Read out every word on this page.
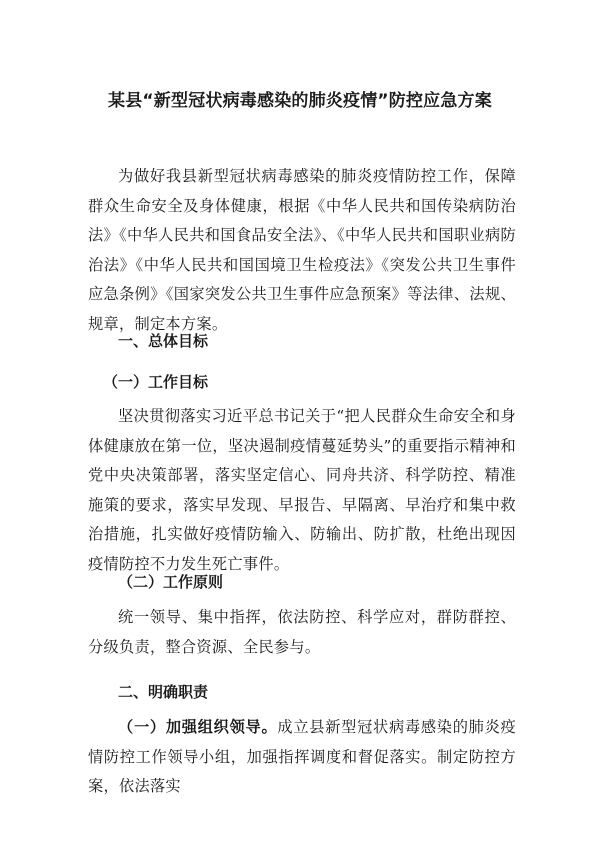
某县“新型冠状病毒感染的肺炎疫情”防控应急方案

为做好我县新型冠状病毒感染的肺炎疫情防控工作，保障群众生命安全及身体健康，根据《中华人民共和国传染病防治法》《中华人民共和国食品安全法》、《中华人民共和国职业病防治法》《中华人民共和国国境卫生检疫法》《突发公共卫生事件应急条例》《国家突发公共卫生事件应急预案》等法律、法规、规章，制定本方案。

一、总体目标

（一）工作目标

坚决贯彻落实习近平总书记关于“把人民群众生命安全和身体健康放在第一位，坚决遏制疫情蔓延势头”的重要指示精神和党中央决策部署，落实坚定信心、同舟共济、科学防控、精准施策的要求，落实早发现、早报告、早隔离、早治疗和集中救治措施，扎实做好疫情防输入、防输出、防扩散，杜绝出现因疫情防控不力发生死亡事件。

（二）工作原则

统一领导、集中指挥，依法防控、科学应对，群防群控、分级负责，整合资源、全民参与。

二、明确职责

（一）加强组织领导。成立县新型冠状病毒感染的肺炎疫情防控工作领导小组，加强指挥调度和督促落实。制定防控方案，依法落实
